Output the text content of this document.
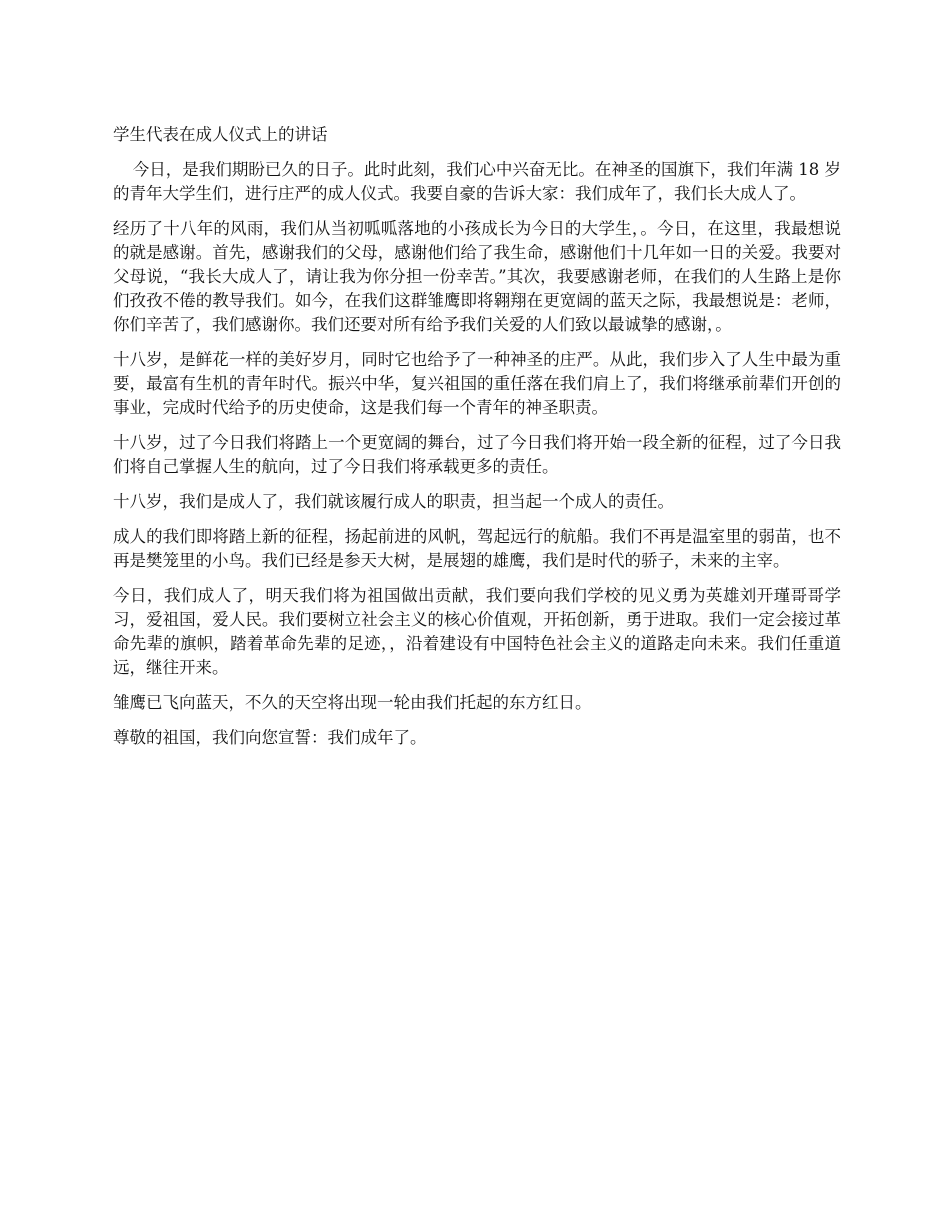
学生代表在成人仪式上的讲话

今日，是我们期盼已久的日子。此时此刻，我们心中兴奋无比。在神圣的国旗下，我们年满 18 岁的青年大学生们，进行庄严的成人仪式。我要自豪的告诉大家：我们成年了，我们长大成人了。

经历了十八年的风雨，我们从当初呱呱落地的小孩成长为今日的大学生，。今日，在这里，我最想说的就是感谢。首先，感谢我们的父母，感谢他们给了我生命，感谢他们十几年如一日的关爱。我要对父母说，“我长大成人了，请让我为你分担一份幸苦。”其次，我要感谢老师，在我们的人生路上是你们孜孜不倦的教导我们。如今，在我们这群雏鹰即将翱翔在更宽阔的蓝天之际，我最想说是：老师，你们辛苦了，我们感谢你。我们还要对所有给予我们关爱的人们致以最诚挚的感谢，。

十八岁，是鲜花一样的美好岁月，同时它也给予了一种神圣的庄严。从此，我们步入了人生中最为重要，最富有生机的青年时代。振兴中华，复兴祖国的重任落在我们肩上了，我们将继承前辈们开创的事业，完成时代给予的历史使命，这是我们每一个青年的神圣职责。

十八岁，过了今日我们将踏上一个更宽阔的舞台，过了今日我们将开始一段全新的征程，过了今日我们将自己掌握人生的航向，过了今日我们将承载更多的责任。

十八岁，我们是成人了，我们就该履行成人的职责，担当起一个成人的责任。

成人的我们即将踏上新的征程，扬起前进的风帆，驾起远行的航船。我们不再是温室里的弱苗，也不再是樊笼里的小鸟。我们已经是参天大树，是展翅的雄鹰，我们是时代的骄子，未来的主宰。

今日，我们成人了，明天我们将为祖国做出贡献，我们要向我们学校的见义勇为英雄刘开瑾哥哥学习，爱祖国，爱人民。我们要树立社会主义的核心价值观，开拓创新，勇于进取。我们一定会接过革命先辈的旗帜，踏着革命先辈的足迹，，沿着建设有中国特色社会主义的道路走向未来。我们任重道远，继往开来。

雏鹰已飞向蓝天，不久的天空将出现一轮由我们托起的东方红日。

尊敬的祖国，我们向您宣誓：我们成年了。
